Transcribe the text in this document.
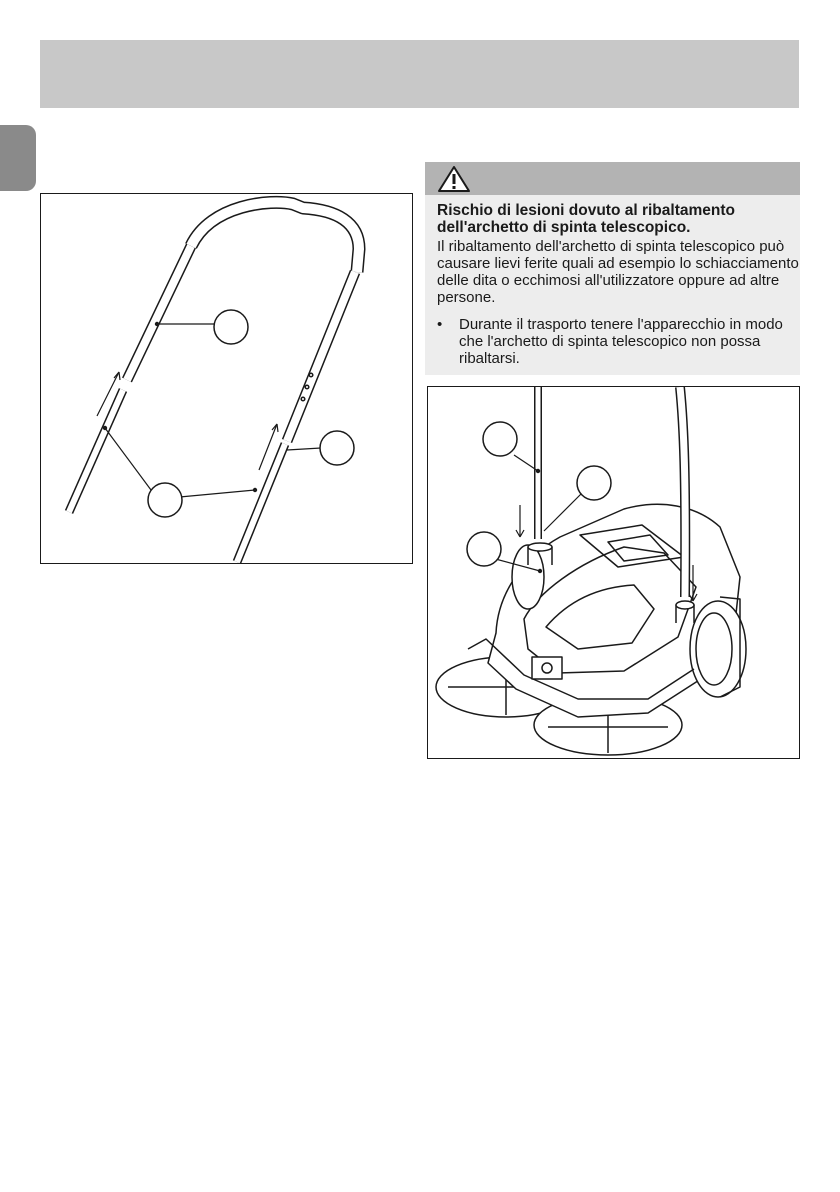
Rischio di lesioni dovuto al ribaltamento dell'archetto di spinta telescopico.
Il ribaltamento dell'archetto di spinta telescopico può causare lievi ferite quali ad esempio lo schiacciamento delle dita o ecchimosi all'utilizzatore oppure ad altre persone.
• Durante il trasporto tenere l'apparecchio in modo che l'archetto di spinta telescopico non possa ribaltarsi.
